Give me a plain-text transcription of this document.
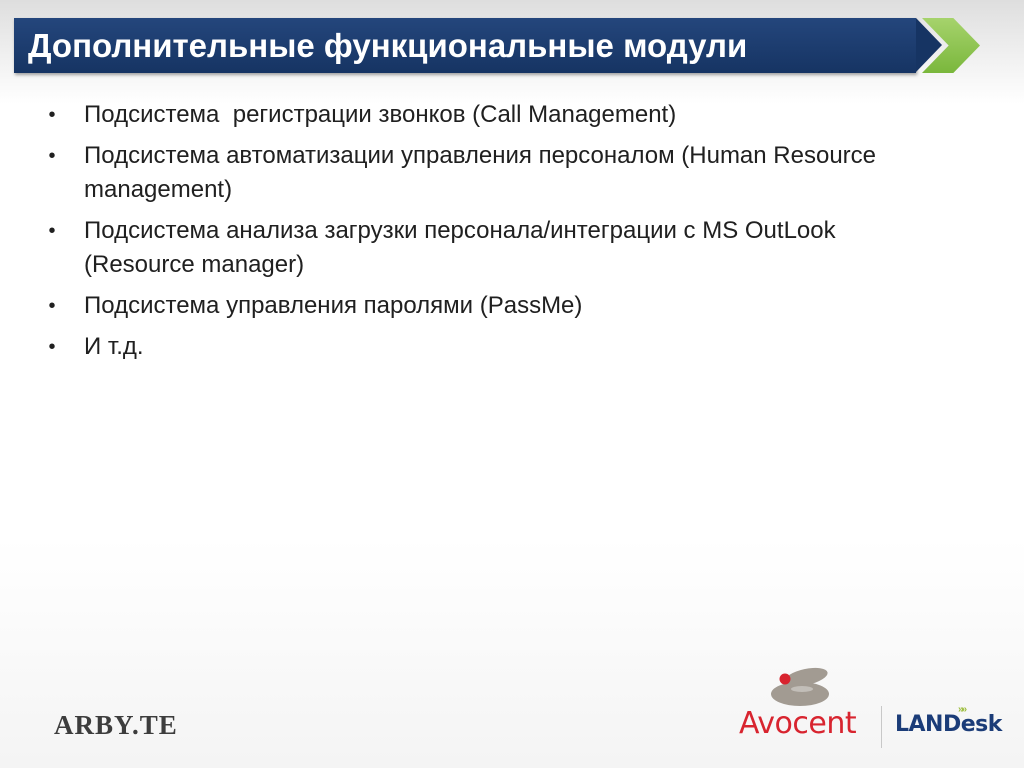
Дополнительные функциональные модули
• Подсистема  регистрации звонков (Call Management)
• Подсистема автоматизации управления персоналом (Human Resource management)
• Подсистема анализа загрузки персонала/интеграции с MS OutLook (Resource manager)
• Подсистема управления паролями (PassMe)
• И т.д.
ARBY.TE	Avocent	»»
LANDesk
